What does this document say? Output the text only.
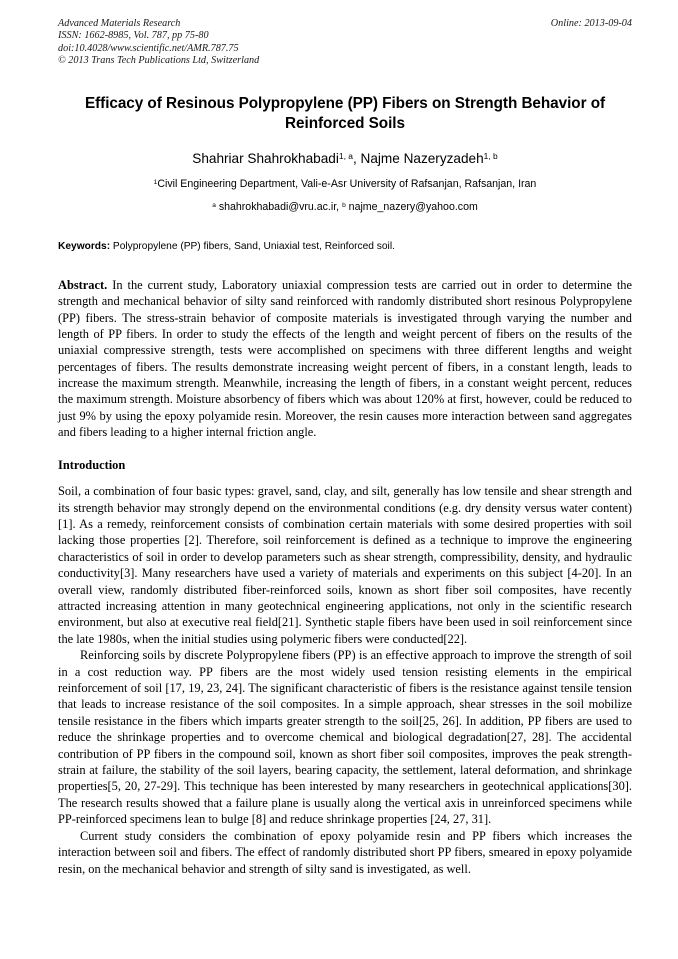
Advanced Materials Research
ISSN: 1662-8985, Vol. 787, pp 75-80
doi:10.4028/www.scientific.net/AMR.787.75
© 2013 Trans Tech Publications Ltd, Switzerland
Online: 2013-09-04
Efficacy of Resinous Polypropylene (PP) Fibers on Strength Behavior of Reinforced Soils
Shahriar Shahrokhabadi$^{1, a}$, Najme Nazeryzadeh$^{1, b}$
$^1$Civil Engineering Department, Vali-e-Asr University of Rafsanjan, Rafsanjan, Iran
$^a$ shahrokhabadi@vru.ac.ir, $^b$ najme_nazery@yahoo.com
Keywords: Polypropylene (PP) fibers, Sand, Uniaxial test, Reinforced soil.
Abstract. In the current study, Laboratory uniaxial compression tests are carried out in order to determine the strength and mechanical behavior of silty sand reinforced with randomly distributed short resinous Polypropylene (PP) fibers. The stress-strain behavior of composite materials is investigated through varying the number and length of PP fibers. In order to study the effects of the length and weight percent of fibers on the results of the uniaxial compressive strength, tests were accomplished on specimens with three different lengths and weight percentages of fibers. The results demonstrate increasing weight percent of fibers, in a constant length, leads to increase the maximum strength. Meanwhile, increasing the length of fibers, in a constant weight percent, reduces the maximum strength. Moisture absorbency of fibers which was about 120% at first, however, could be reduced to just 9% by using the epoxy polyamide resin. Moreover, the resin causes more interaction between sand aggregates and fibers leading to a higher internal friction angle.
Introduction

Soil, a combination of four basic types: gravel, sand, clay, and silt, generally has low tensile and shear strength and its strength behavior may strongly depend on the environmental conditions (e.g. dry density versus water content) [1]. As a remedy, reinforcement consists of combination certain materials with some desired properties with soil lacking those properties [2]. Therefore, soil reinforcement is defined as a technique to improve the engineering characteristics of soil in order to develop parameters such as shear strength, compressibility, density, and hydraulic conductivity[3]. Many researchers have used a variety of materials and experiments on this subject [4-20]. In an overall view, randomly distributed fiber-reinforced soils, known as short fiber soil composites, have recently attracted increasing attention in many geotechnical engineering applications, not only in the scientific research environment, but also at executive real field[21]. Synthetic staple fibers have been used in soil reinforcement since the late 1980s, when the initial studies using polymeric fibers were conducted[22].

Reinforcing soils by discrete Polypropylene fibers (PP) is an effective approach to improve the strength of soil in a cost reduction way. PP fibers are the most widely used tension resisting elements in the empirical reinforcement of soil [17, 19, 23, 24]. The significant characteristic of fibers is the resistance against tensile tension that leads to increase resistance of the soil composites. In a simple approach, shear stresses in the soil mobilize tensile resistance in the fibers which imparts greater strength to the soil[25, 26]. In addition, PP fibers are used to reduce the shrinkage properties and to overcome chemical and biological degradation[27, 28]. The accidental contribution of PP fibers in the compound soil, known as short fiber soil composites, improves the peak strength-strain at failure, the stability of the soil layers, bearing capacity, the settlement, lateral deformation, and shrinkage properties[5, 20, 27-29]. This technique has been interested by many researchers in geotechnical applications[30]. The research results showed that a failure plane is usually along the vertical axis in unreinforced specimens while PP-reinforced specimens lean to bulge [8] and reduce shrinkage properties [24, 27, 31].

Current study considers the combination of epoxy polyamide resin and PP fibers which increases the interaction between soil and fibers. The effect of randomly distributed short PP fibers, smeared in epoxy polyamide resin, on the mechanical behavior and strength of silty sand is investigated, as well.
